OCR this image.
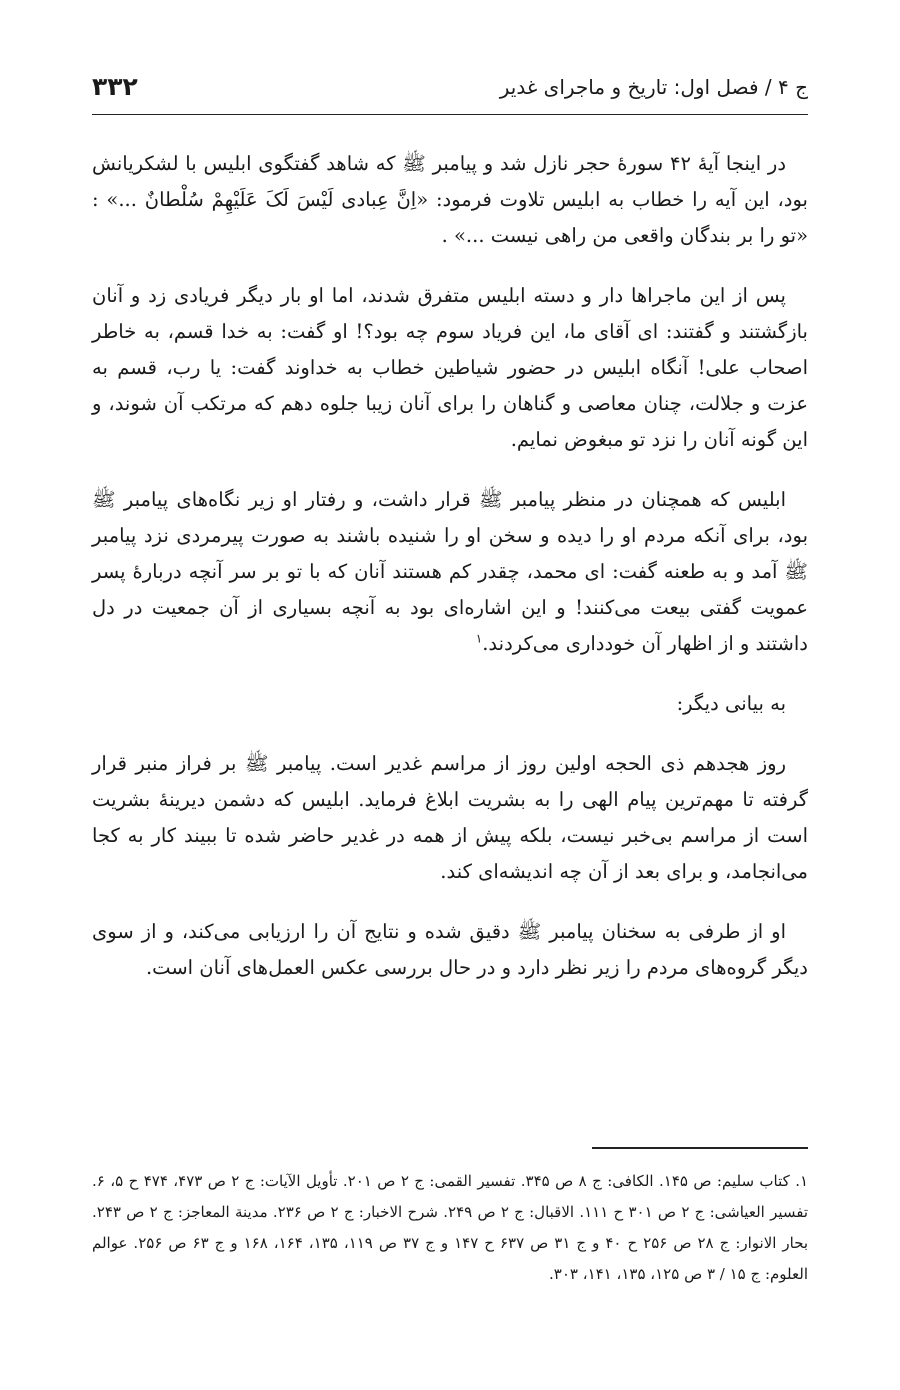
ج ۴ / فصل اول: تاریخ و ماجرای غدیر
۳۳۲

در اینجا آیهٔ ۴۲ سورهٔ حجر نازل شد و پیامبر ﷺ که شاهد گفتگوی ابلیس با لشکریانش بود، این آیه را خطاب به ابلیس تلاوت فرمود: «اِنَّ عِبادی لَیْسَ لَکَ عَلَیْهِمْ سُلْطانٌ ...» : «تو را بر بندگان واقعی من راهی نیست ...» .

پس از این ماجراها دار و دسته ابلیس متفرق شدند، اما او بار دیگر فریادی زد و آنان بازگشتند و گفتند: ای آقای ما، این فریاد سوم چه بود؟! او گفت: به خدا قسم، به خاطر اصحاب علی! آنگاه ابلیس در حضور شیاطین خطاب به خداوند گفت: یا رب، قسم به عزت و جلالت، چنان معاصی و گناهان را برای آنان زیبا جلوه دهم که مرتکب آن شوند، و این گونه آنان را نزد تو مبغوض نمایم.

ابلیس که همچنان در منظر پیامبر ﷺ قرار داشت، و رفتار او زیر نگاه‌های پیامبر ﷺ بود، برای آنکه مردم او را دیده و سخن او را شنیده باشند به صورت پیرمردی نزد پیامبر ﷺ آمد و به طعنه گفت: ای محمد، چقدر کم هستند آنان که با تو بر سر آنچه دربارهٔ پسر عمویت گفتی بیعت می‌کنند! و این اشاره‌ای بود به آنچه بسیاری از آن جمعیت در دل داشتند و از اظهار آن خودداری می‌کردند.$^۱$

به بیانی دیگر:

روز هجدهم ذی الحجه اولین روز از مراسم غدیر است. پیامبر ﷺ بر فراز منبر قرار گرفته تا مهم‌ترین پیام الهی را به بشریت ابلاغ فرماید. ابلیس که دشمن دیرینهٔ بشریت است از مراسم بی‌خبر نیست، بلکه پیش از همه در غدیر حاضر شده تا ببیند کار به کجا می‌انجامد، و برای بعد از آن چه اندیشه‌ای کند.

او از طرفی به سخنان پیامبر ﷺ دقیق شده و نتایج آن را ارزیابی می‌کند، و از سوی دیگر گروه‌های مردم را زیر نظر دارد و در حال بررسی عکس العمل‌های آنان است.

۱. کتاب سلیم: ص ۱۴۵. الکافی: ج ۸ ص ۳۴۵. تفسیر القمی: ج ۲ ص ۲۰۱. تأویل الآیات: ج ۲ ص ۴۷۳، ۴۷۴ ح ۵، ۶. تفسیر العیاشی: ج ۲ ص ۳۰۱ ح ۱۱۱. الاقبال: ج ۲ ص ۲۴۹. شرح الاخبار: ج ۲ ص ۲۳۶. مدینة المعاجز: ج ۲ ص ۲۴۳. بحار الانوار: ج ۲۸ ص ۲۵۶ ح ۴۰ و ج ۳۱ ص ۶۳۷ ح ۱۴۷ و ج ۳۷ ص ۱۱۹، ۱۳۵، ۱۶۴، ۱۶۸ و ج ۶۳ ص ۲۵۶. عوالم العلوم: ج ۱۵ / ۳ ص ۱۲۵، ۱۳۵، ۱۴۱، ۳۰۳.
